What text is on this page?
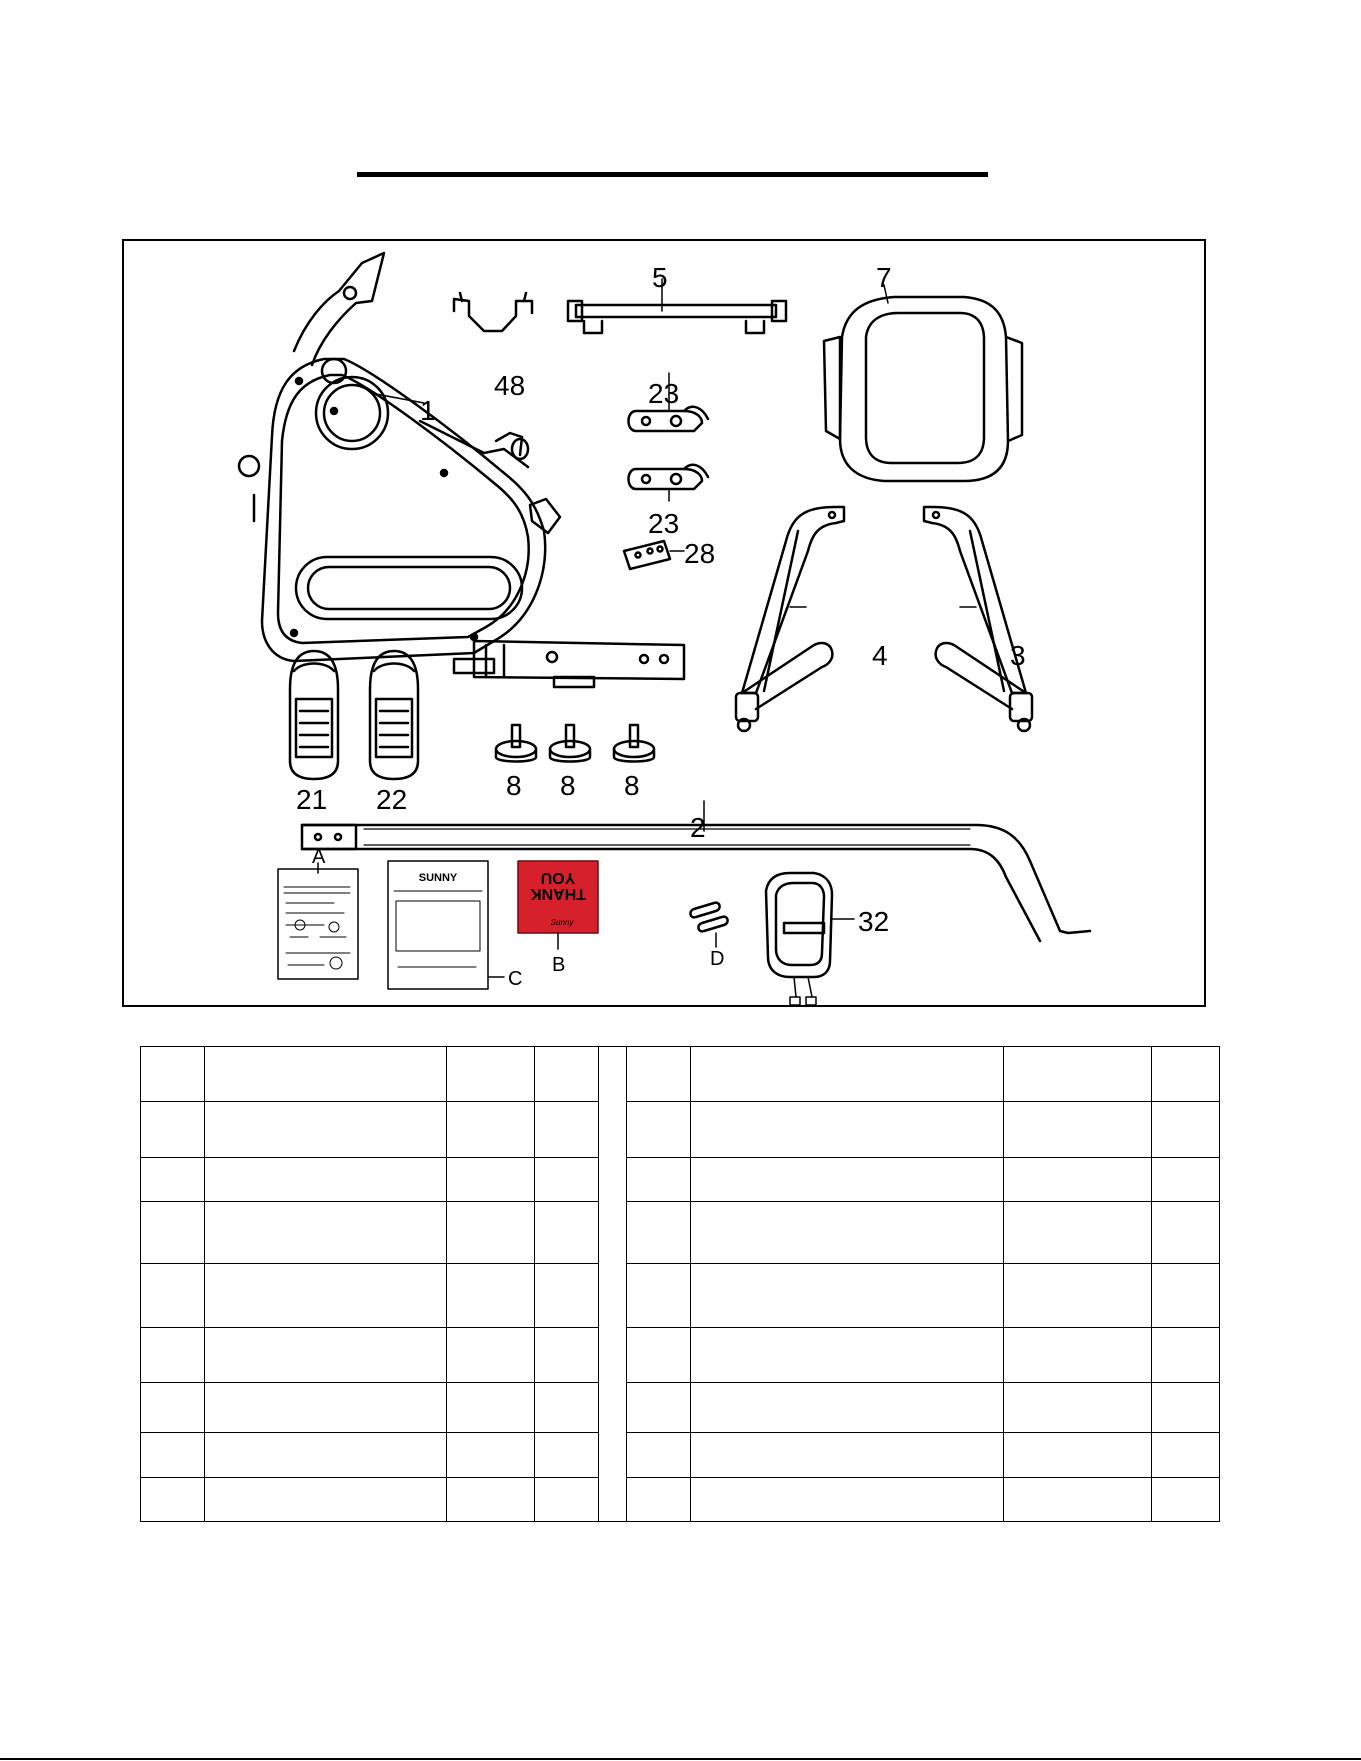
1
2
3
4
5	7
8 8 8
21 22
23
23
28
32
48
A
B
C
D
SUNNY
THANK
YOU
Sunny
